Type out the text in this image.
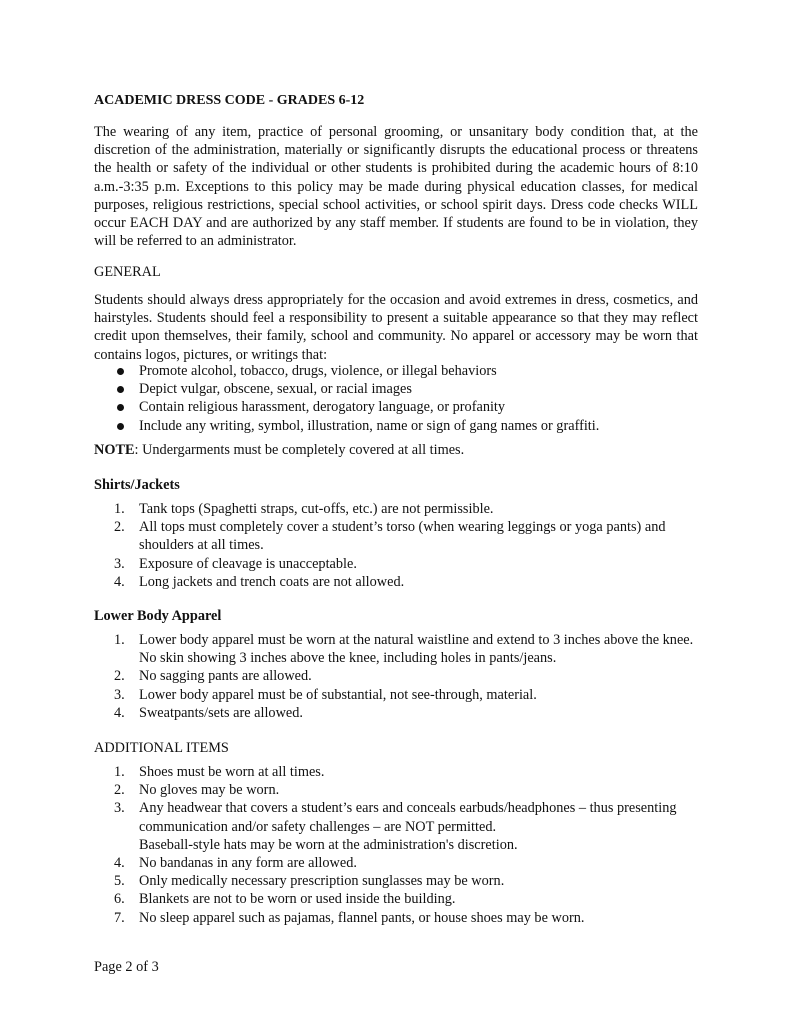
ACADEMIC DRESS CODE - GRADES 6-12

The wearing of any item, practice of personal grooming, or unsanitary body condition that, at the discretion of the administration, materially or significantly disrupts the educational process or threatens the health or safety of the individual or other students is prohibited during the academic hours of 8:10 a.m.-3:35 p.m. Exceptions to this policy may be made during physical education classes, for medical purposes, religious restrictions, special school activities, or school spirit days. Dress code checks WILL occur EACH DAY and are authorized by any staff member. If students are found to be in violation, they will be referred to an administrator.

GENERAL

Students should always dress appropriately for the occasion and avoid extremes in dress, cosmetics, and hairstyles. Students should feel a responsibility to present a suitable appearance so that they may reflect credit upon themselves, their family, school and community. No apparel or accessory may be worn that contains logos, pictures, or writings that:

Promote alcohol, tobacco, drugs, violence, or illegal behaviors
Depict vulgar, obscene, sexual, or racial images
Contain religious harassment, derogatory language, or profanity
Include any writing, symbol, illustration, name or sign of gang names or graffiti.

NOTE: Undergarments must be completely covered at all times.

Shirts/Jackets

1. Tank tops (Spaghetti straps, cut-offs, etc.) are not permissible.
2. All tops must completely cover a student’s torso (when wearing leggings or yoga pants) and shoulders at all times.
3. Exposure of cleavage is unacceptable.
4. Long jackets and trench coats are not allowed.

Lower Body Apparel

1. Lower body apparel must be worn at the natural waistline and extend to 3 inches above the knee. No skin showing 3 inches above the knee, including holes in pants/jeans.
2. No sagging pants are allowed.
3. Lower body apparel must be of substantial, not see-through, material.
4. Sweatpants/sets are allowed.

ADDITIONAL ITEMS

1. Shoes must be worn at all times.
2. No gloves may be worn.
3. Any headwear that covers a student’s ears and conceals earbuds/headphones – thus presenting communication and/or safety challenges – are NOT permitted.
Baseball-style hats may be worn at the administration's discretion.
4. No bandanas in any form are allowed.
5. Only medically necessary prescription sunglasses may be worn.
6. Blankets are not to be worn or used inside the building.
7. No sleep apparel such as pajamas, flannel pants, or house shoes may be worn.

Page 2 of 3
